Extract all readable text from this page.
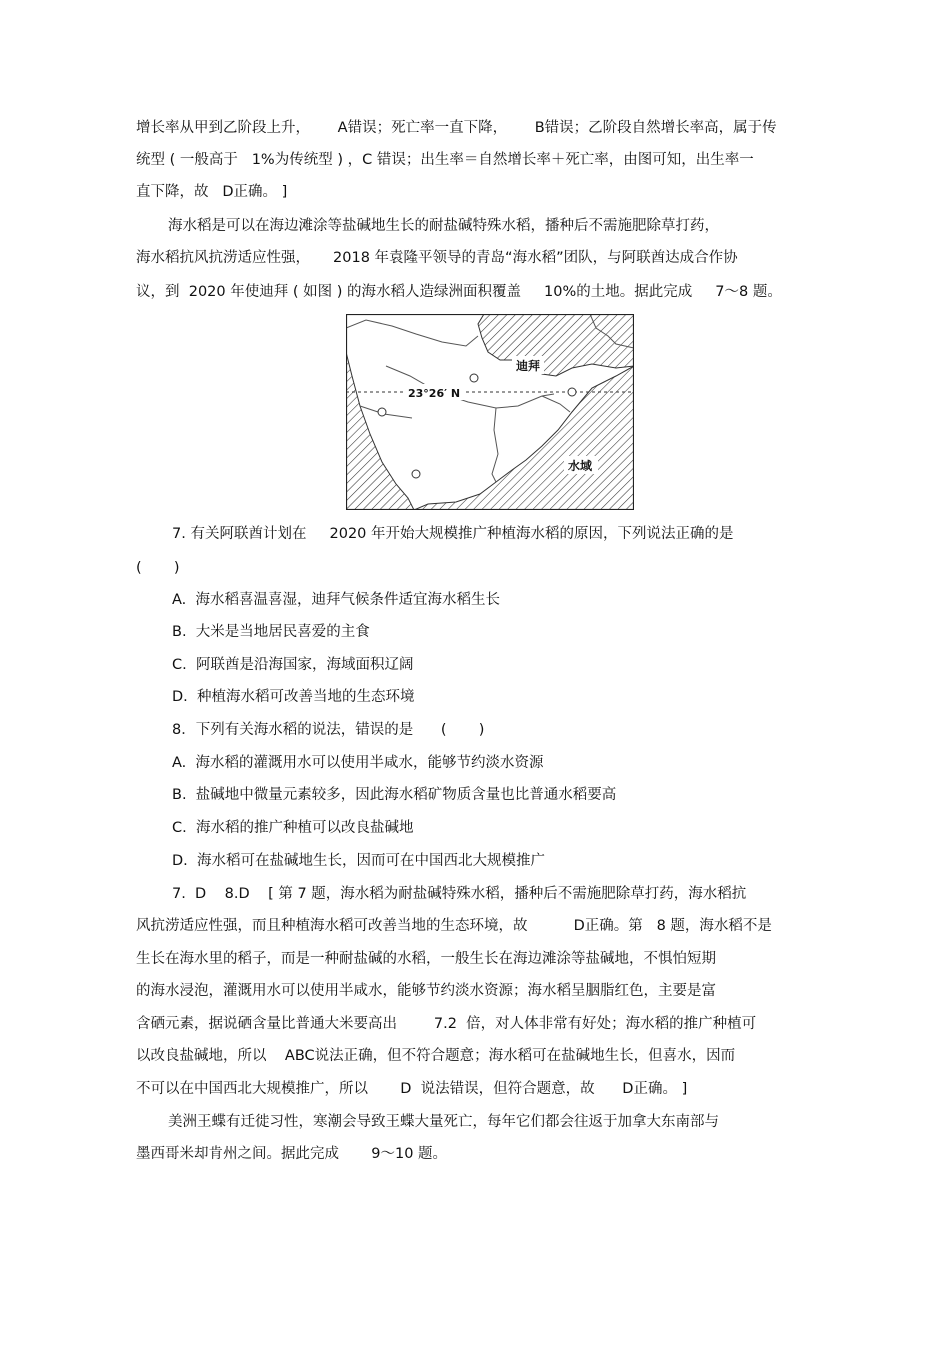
增长率从甲到乙阶段上升，      A错误；死亡率一直下降，      B错误；乙阶段自然增长率高，属于传
统型 ( 一般高于   1%为传统型 ) ，C 错误；出生率＝自然增长率＋死亡率，由图可知，出生率一
直下降，故   D正确。 ]
海水稻是可以在海边滩涂等盐碱地生长的耐盐碱特殊水稻，播种后不需施肥除草打药，
海水稻抗风抗涝适应性强，     2018 年袁隆平领导的青岛“海水稻”团队，与阿联酋达成合作协
议，到  2020 年使迪拜 ( 如图 ) 的海水稻人造绿洲面积覆盖     10%的土地。据此完成     7～8 题。
迪拜
23°26′ N
水域
7. 有关阿联酋计划在     2020 年开始大规模推广种植海水稻的原因，下列说法正确的是
(       )
A.  海水稻喜温喜湿，迪拜气候条件适宜海水稻生长
B.  大米是当地居民喜爱的主食
C.  阿联酋是沿海国家，海域面积辽阔
D.  种植海水稻可改善当地的生态环境
8．下列有关海水稻的说法，错误的是      (       )
A.  海水稻的灌溉用水可以使用半咸水，能够节约淡水资源
B.  盐碱地中微量元素较多，因此海水稻矿物质含量也比普通水稻要高
C.  海水稻的推广种植可以改良盐碱地
D.  海水稻可在盐碱地生长，因而可在中国西北大规模推广
7.  D    8.D    [ 第 7 题，海水稻为耐盐碱特殊水稻，播种后不需施肥除草打药，海水稻抗
风抗涝适应性强，而且种植海水稻可改善当地的生态环境，故          D正确。第   8 题，海水稻不是
生长在海水里的稻子，而是一种耐盐碱的水稻，一般生长在海边滩涂等盐碱地，不惧怕短期
的海水浸泡，灌溉用水可以使用半咸水，能够节约淡水资源；海水稻呈胭脂红色，主要是富
含硒元素，据说硒含量比普通大米要高出        7.2  倍，对人体非常有好处；海水稻的推广种植可
以改良盐碱地，所以    ABC说法正确，但不符合题意；海水稻可在盐碱地生长，但喜水，因而
不可以在中国西北大规模推广，所以       D  说法错误，但符合题意，故      D正确。 ]
美洲王蝶有迁徙习性，寒潮会导致王蝶大量死亡，每年它们都会往返于加拿大东南部与
墨西哥米却肯州之间。据此完成       9～10 题。
